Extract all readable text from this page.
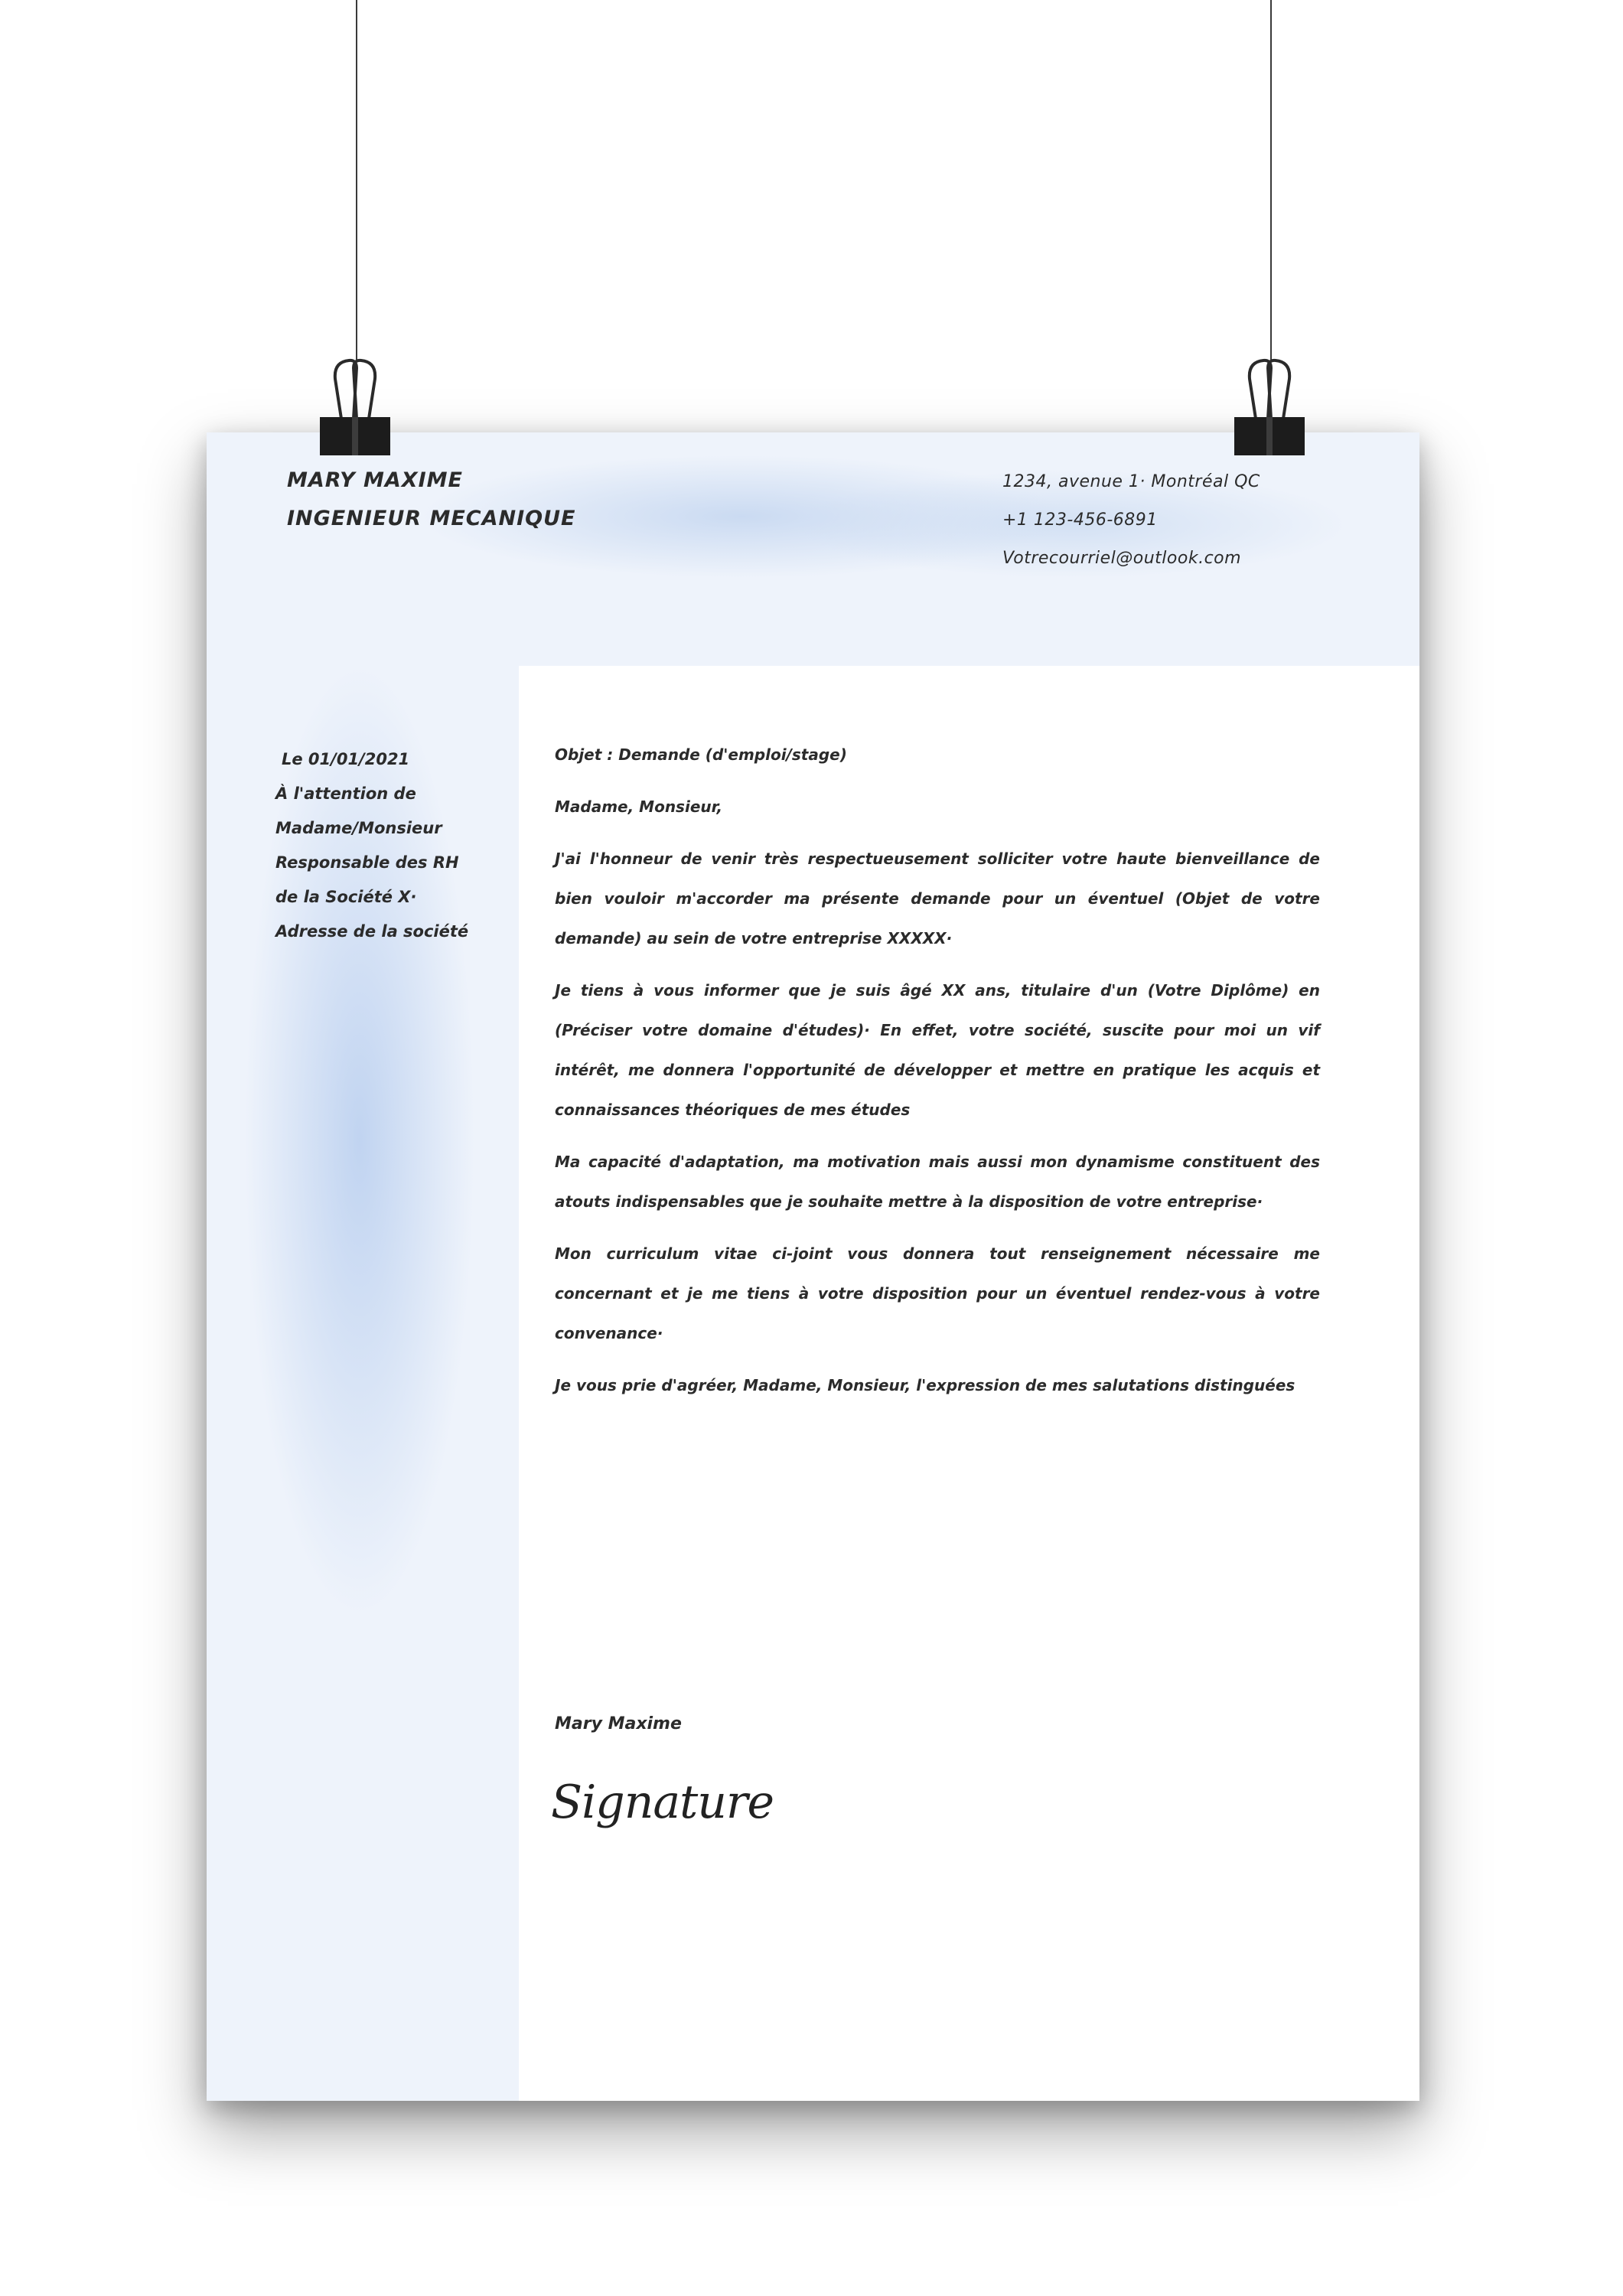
MARY MAXIME
INGENIEUR MECANIQUE
1234, avenue 1· Montréal QC
+1 123-456-6891
Votrecourriel@outlook.com
Le 01/01/2021
À l'attention de
Madame/Monsieur
Responsable des RH
de la Société X·
Adresse de la société
Objet : Demande (d'emploi/stage)
Madame, Monsieur,

J'ai l'honneur de venir très respectueusement solliciter votre haute bienveillance de bien vouloir m'accorder ma présente demande pour un éventuel (Objet de votre demande) au sein de votre entreprise XXXXX·

Je tiens à vous informer que je suis âgé XX ans, titulaire d'un (Votre Diplôme) en (Préciser votre domaine d'études)· En effet, votre société, suscite pour moi un vif intérêt, me donnera l'opportunité de développer et mettre en pratique les acquis et connaissances théoriques de mes études

Ma capacité d'adaptation, ma motivation mais aussi mon dynamisme constituent des atouts indispensables que je souhaite mettre à la disposition de votre entreprise·

Mon curriculum vitae ci-joint vous donnera tout renseignement nécessaire me concernant et je me tiens à votre disposition pour un éventuel rendez-vous à votre convenance·

Je vous prie d'agréer, Madame, Monsieur, l'expression de mes salutations distinguées

Mary Maxime
Signature
